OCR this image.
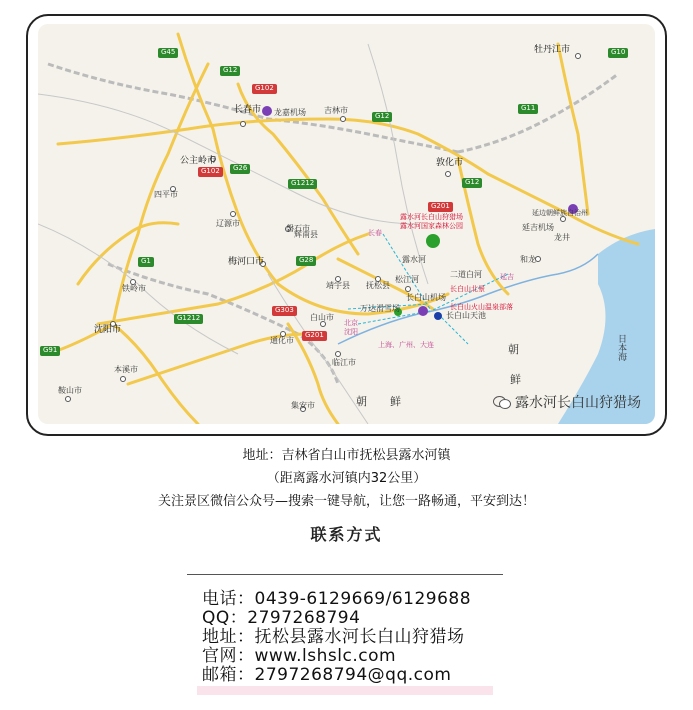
长春市 龙嘉机场 吉林市
公主岭市
四平市
辽源市
磐石市
辉南县
梅河口市
敦化市
铁岭市
沈阳市
本溪市
鞍山市
通化市
白山市
靖宇县 抚松县
松江河
临江市
集安市
延吉机场
延边朝鲜族自治州
龙井
和龙
牡丹江市
露水河
二道白河
长白山机场
万达滑雪场
长白山天池
露水河长白山狩猎场
露水河国家森林公园
长白山北景
长白山火山温泉部落
长春
延吉
北京
沈阳
上海、广州、大连	朝
鲜
朝 鲜
日本海
G45
G12
G102
G12
G102	G26
G1212	G12
G201
G11
G10
G1	G28
G1212
G303
G201
G91
露水河长白山狩猎场
地址：吉林省白山市抚松县露水河镇
（距离露水河镇内32公里）
关注景区微信公众号—搜索一键导航，让您一路畅通，平安到达！
联系方式
电话：0439-6129669/6129688
QQ：2797268794
地址：抚松县露水河长白山狩猎场
官网：www.lshslc.com
邮箱：2797268794@qq.com
